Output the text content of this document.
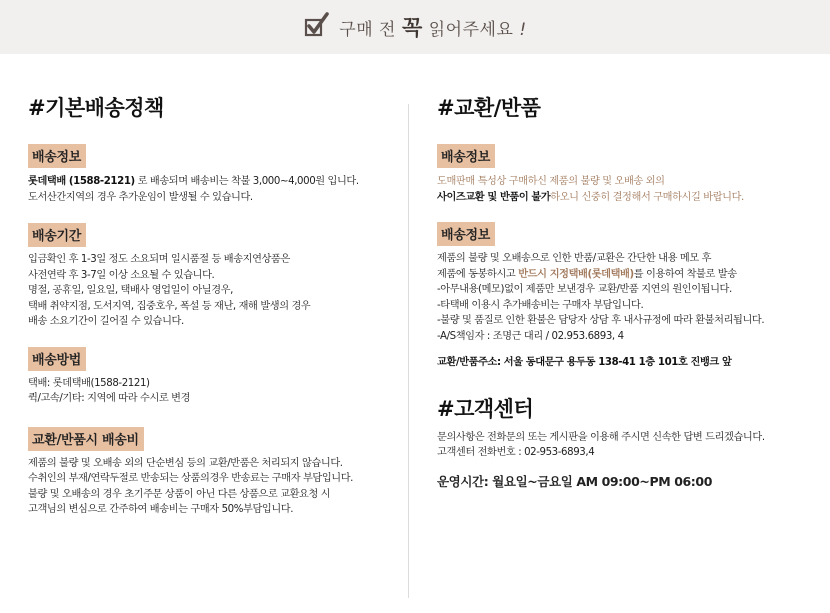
구매 전 꼭 읽어주세요 !
#기본배송정책
배송정보
롯데택배 (1588-2121) 로 배송되며 배송비는 착불 3,000~4,000원 입니다.
도서산간지역의 경우 추가운임이 발생될 수 있습니다.
배송기간
입금확인 후 1-3일 정도 소요되며 일시품절 등 배송지연상품은
사전연락 후 3-7일 이상 소요될 수 있습니다.
명절, 공휴일, 일요일, 택배사 영업일이 아닐경우,
택배 취약지점, 도서지역, 집중호우, 폭설 등 재난, 재해 발생의 경우
배송 소요기간이 길어질 수 있습니다.
배송방법
택배: 롯데택배(1588-2121)
퀵/고속/기타: 지역에 따라 수시로 변경
교환/반품시 배송비
제품의 불량 및 오배송 외의 단순변심 등의 교환/반품은 처리되지 않습니다.
수취인의 부재/연락두절로 반송되는 상품의경우 반송료는 구매자 부담입니다.
불량 및 오배송의 경우 초기주문 상품이 아닌 다른 상품으로 교환요청 시
고객님의 변심으로 간주하여 배송비는 구매자 50%부담입니다.
#교환/반품
배송정보
도매판매 특성상 구매하신 제품의 불량 및 오배송 외의
사이즈교환 및 반품이 불가하오니 신중히 결정해서 구매하시길 바랍니다.
배송정보
제품의 불량 및 오배송으로 인한 반품/교환은 간단한 내용 메모 후
제품에 동봉하시고 반드시 지정택배(롯데택배)를 이용하여 착불로 발송
-아무내용(메모)없이 제품만 보낸경우 교환/반품 지연의 원인이됩니다.
-타택배 이용시 추가배송비는 구매자 부담입니다.
-불량 및 품질로 인한 환불은 담당자 상담 후 내사규정에 따라 환불처리됩니다.
-A/S책임자 : 조명근 대리 / 02.953.6893, 4
교환/반품주소: 서울 동대문구 용두동 138-41 1층 101호 진뱅크 앞
#고객센터
문의사항은 전화문의 또는 게시판을 이용해 주시면 신속한 답변 드리겠습니다.
고객센터 전화번호 : 02-953-6893,4
운영시간: 월요일~금요일 AM 09:00~PM 06:00
